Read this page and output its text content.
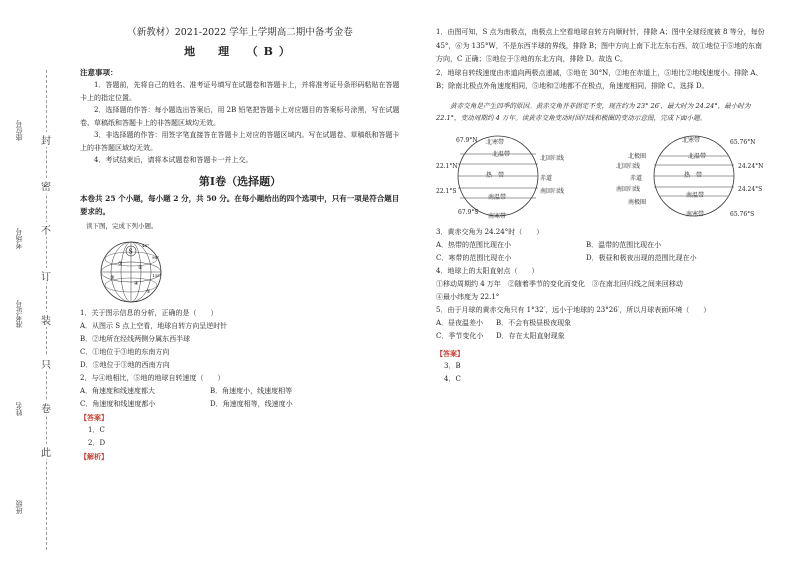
封
密
不
订
装
只
卷
此
座位号
考场号
准考证号
姓名
班级
（新教材）2021-2022 学年上学期高二期中备考金卷
地　理　（B）
注意事项：
1．答题前，先将自己的姓名、准考证号填写在试题卷和答题卡上，并将准考证号条形码粘贴在答题卡上的指定位置。
2．选择题的作答：每小题选出答案后，用 2B 铅笔把答题卡上对应题目的答案标号涂黑，写在试题卷、草稿纸和答题卡上的非答题区域均无效。
3．非选择题的作答：用签字笔直接答在答题卡上对应的答题区域内。写在试题卷、草稿纸和答题卡上的非答题区域均无效。
4．考试结束后，请将本试题卷和答题卡一并上交。
第Ⅰ卷（选择题）
本卷共 25 个小题，每小题 2 分，共 50 分。在每小题给出的四个选项中，只有一项是符合题目要求的。
读下图，完成下列小题。
S
①
②
③
④
⑤
45°
90°
135°
1．关于图示信息的分析，正确的是（　　）
A．从图示 S 点上空看，地球自转方向呈逆时针
B．②地所在经线两侧分属东西半球
C．①地位于③地的东南方向
D．⑤地位于③地的西南方向
2．与④地相比，⑤地的地球自转速度（　　）
A．角速度和线速度都大	B．角速度小，线速度相等
C．角速度和线速度都小	D．角速度相等，线速度小
【答案】
1．C
2．D
【解析】
1．由图可知，S 点为南极点，南极点上空看地球自转方向顺时针，排除 A；图中全球经度被 8 等分，每份 45°，⑥为 135°W，不是东西半球的界线，排除 B；图中方向上南下北左东右西，故①地位于⑤地的东南方向，C 正确；⑤地位于③地的东北方向，排除 D。故选 C。
2．地球自转线速度由赤道向两极点递减，⑤地在 30°N，②地在赤道上，⑤地比②地线速度小。排除 A、B；除南北极点外角速度相同，⑤地和②地都不在极点，角速度相同，排除 C。选择 D。
黄赤交角是产生四季的原因。黄赤交角并非固定不变，现在约为 23° 26′，最大时为 24.24°，最小时为 22.1°，变动周期约 4 万年。读黄赤交角变动时回归线和极圈的变动示意图，完成下面小题。
67.9°N 北寒带
北温带
北回归线
22.1°N
热　带	赤道
22.1°S	南回归线
南温带
67.9°S
南寒带
北寒带	65.76°N
北极圈	北温带
24.24°N
北回归线
赤道	热　带
南回归线
南温带
24.24°S
南极圈
南寒带	65.76°S
3．黄赤交角为 24.24°时（　　）
A．热带的范围比现在小	B．温带的范围比现在小
C．寒带的范围比现在小	D．极昼和极夜出现的范围比现在小
4．地球上的太阳直射点（　　）
①移动周期约 4 万年　②随着季节的变化而变化　③在南北回归线之间来回移动
④最小纬度为 22.1°
5．由于月球的黄赤交角只有 1°32′，远小于地球的 23°26′，所以月球表面环境（　　）
A．昼夜温差小	B．不会有极昼极夜现象
C．季节变化小	D．存在太阳直射现象
【答案】
3．B
4．C
